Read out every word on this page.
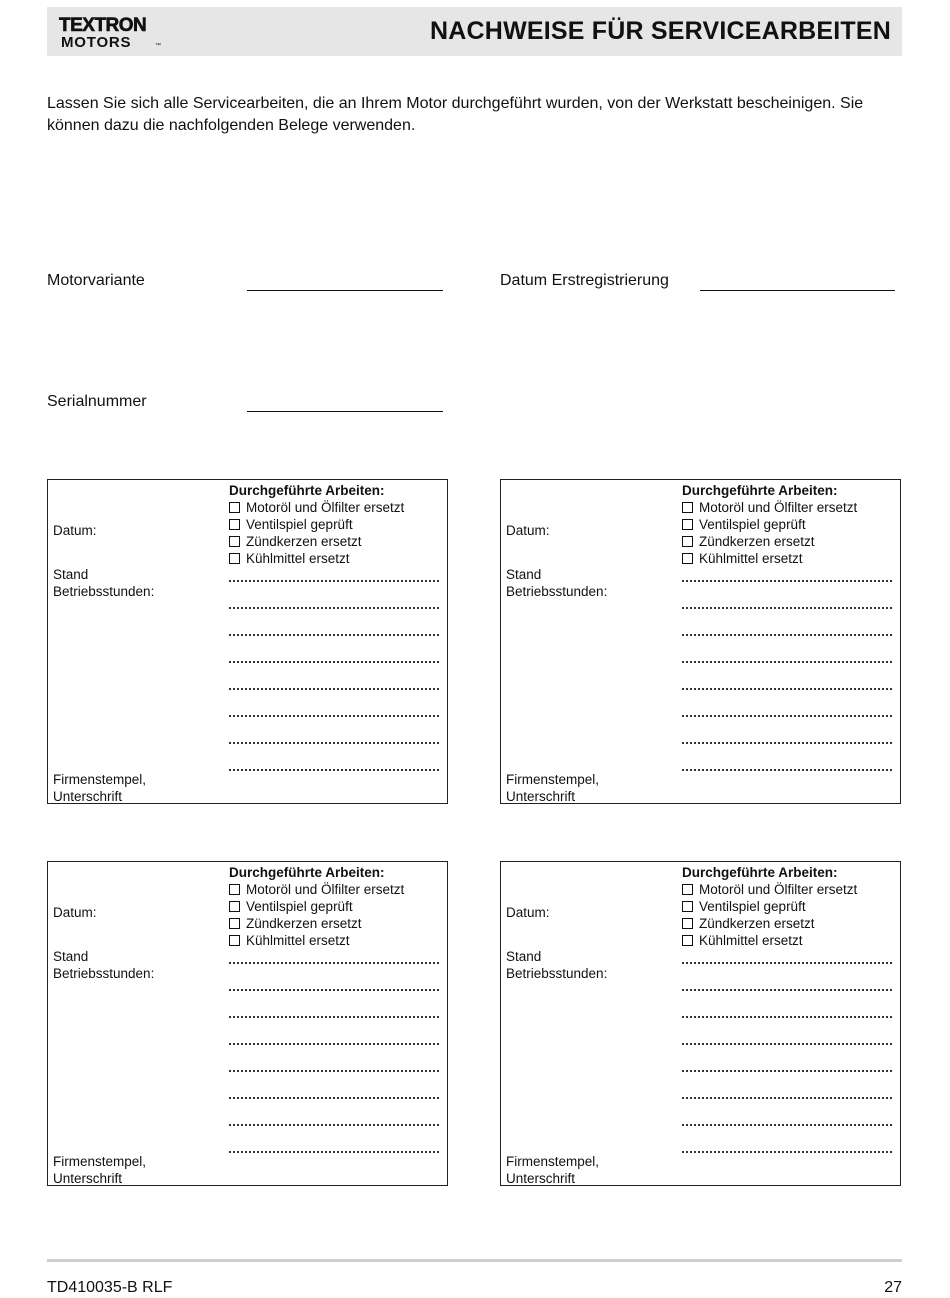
TEXTRON
MOTORS	™
NACHWEISE FÜR SERVICEARBEITEN
Lassen Sie sich alle Servicearbeiten, die an Ihrem Motor durchgeführt wurden, von der Werkstatt bescheinigen. Sie können dazu die nachfolgenden Belege verwenden.
Motorvariante	Datum Erstregistrierung
Serialnummer
Datum:
Stand
Betriebsstunden:
Firmenstempel,
Unterschrift
Durchgeführte Arbeiten:
Motoröl und Ölfilter ersetzt
Ventilspiel geprüft
Zündkerzen ersetzt
Kühlmittel ersetzt
Datum:
Stand
Betriebsstunden:
Firmenstempel,
Unterschrift
Durchgeführte Arbeiten:
Motoröl und Ölfilter ersetzt
Ventilspiel geprüft
Zündkerzen ersetzt
Kühlmittel ersetzt
Datum:
Stand
Betriebsstunden:
Firmenstempel,
Unterschrift
Durchgeführte Arbeiten:
Motoröl und Ölfilter ersetzt
Ventilspiel geprüft
Zündkerzen ersetzt
Kühlmittel ersetzt
Datum:
Stand
Betriebsstunden:
Firmenstempel,
Unterschrift
Durchgeführte Arbeiten:
Motoröl und Ölfilter ersetzt
Ventilspiel geprüft
Zündkerzen ersetzt
Kühlmittel ersetzt
TD410035-B RLF	27
